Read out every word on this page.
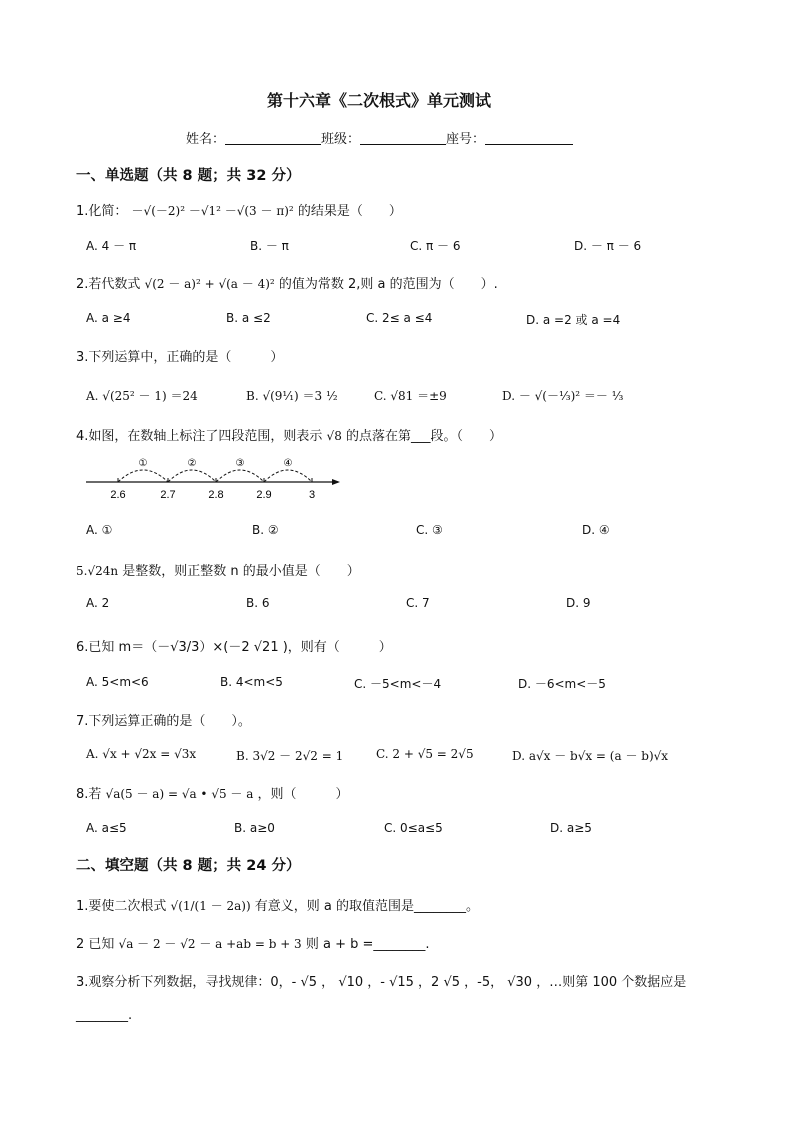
第十六章《二次根式》单元测试
姓名：	班级：	座号：
一、单选题（共 8 题；共 32 分）
1.化简： －√(－2)² －√1² －√(3 － π)² 的结果是（　　）
A. 4 － π	B. － π	C. π － 6	D. － π － 6
2.若代数式 √(2 － a)² + √(a － 4)² 的值为常数 2,则 a 的范围为（　　）.
A. a ≥4	B. a ≤2	C. 2≤ a ≤4	D. a =2 或 a =4
3.下列运算中，正确的是（　　　）
A. √(25² － 1) ＝24	B. √(9¹⁄₁) ＝3 ½	C. √81 ＝±9	D. － √(－⅓)² ＝－ ⅓
4.如图，在数轴上标注了四段范围，则表示 √8 的点落在第___段。（　　）
①	②	③	④
2.6	2.7	2.8	2.9	3
A. ①	B. ②	C. ③	D. ④
5.√24n 是整数，则正整数 n 的最小值是（　　）
A. 2	B. 6	C. 7	D. 9
6.已知 m＝（－√3/3）×(－2 √21 )，则有（　　　）
A. 5<m<6	B. 4<m<5	C. －5<m<－4	D. －6<m<－5
7.下列运算正确的是（　　）。
A. √x + √2x = √3x	B. 3√2 － 2√2 = 1	C. 2 + √5 = 2√5	D. a√x － b√x = (a － b)√x
8.若 √a(5 － a) = √a • √5 － a ，则（　　　）
A. a≤5	B. a≥0	C. 0≤a≤5	D. a≥5
二、填空题（共 8 题；共 24 分）
1.要使二次根式 √(1/(1 － 2a)) 有意义，则 a 的取值范围是________。
2 已知 √a － 2 － √2 － a +ab = b + 3 则 a + b =________.
3.观察分析下列数据，寻找规律：0，- √5 ， √10 ，- √15 ，2 √5 ，-5， √30 ，…则第 100 个数据应是
________.
